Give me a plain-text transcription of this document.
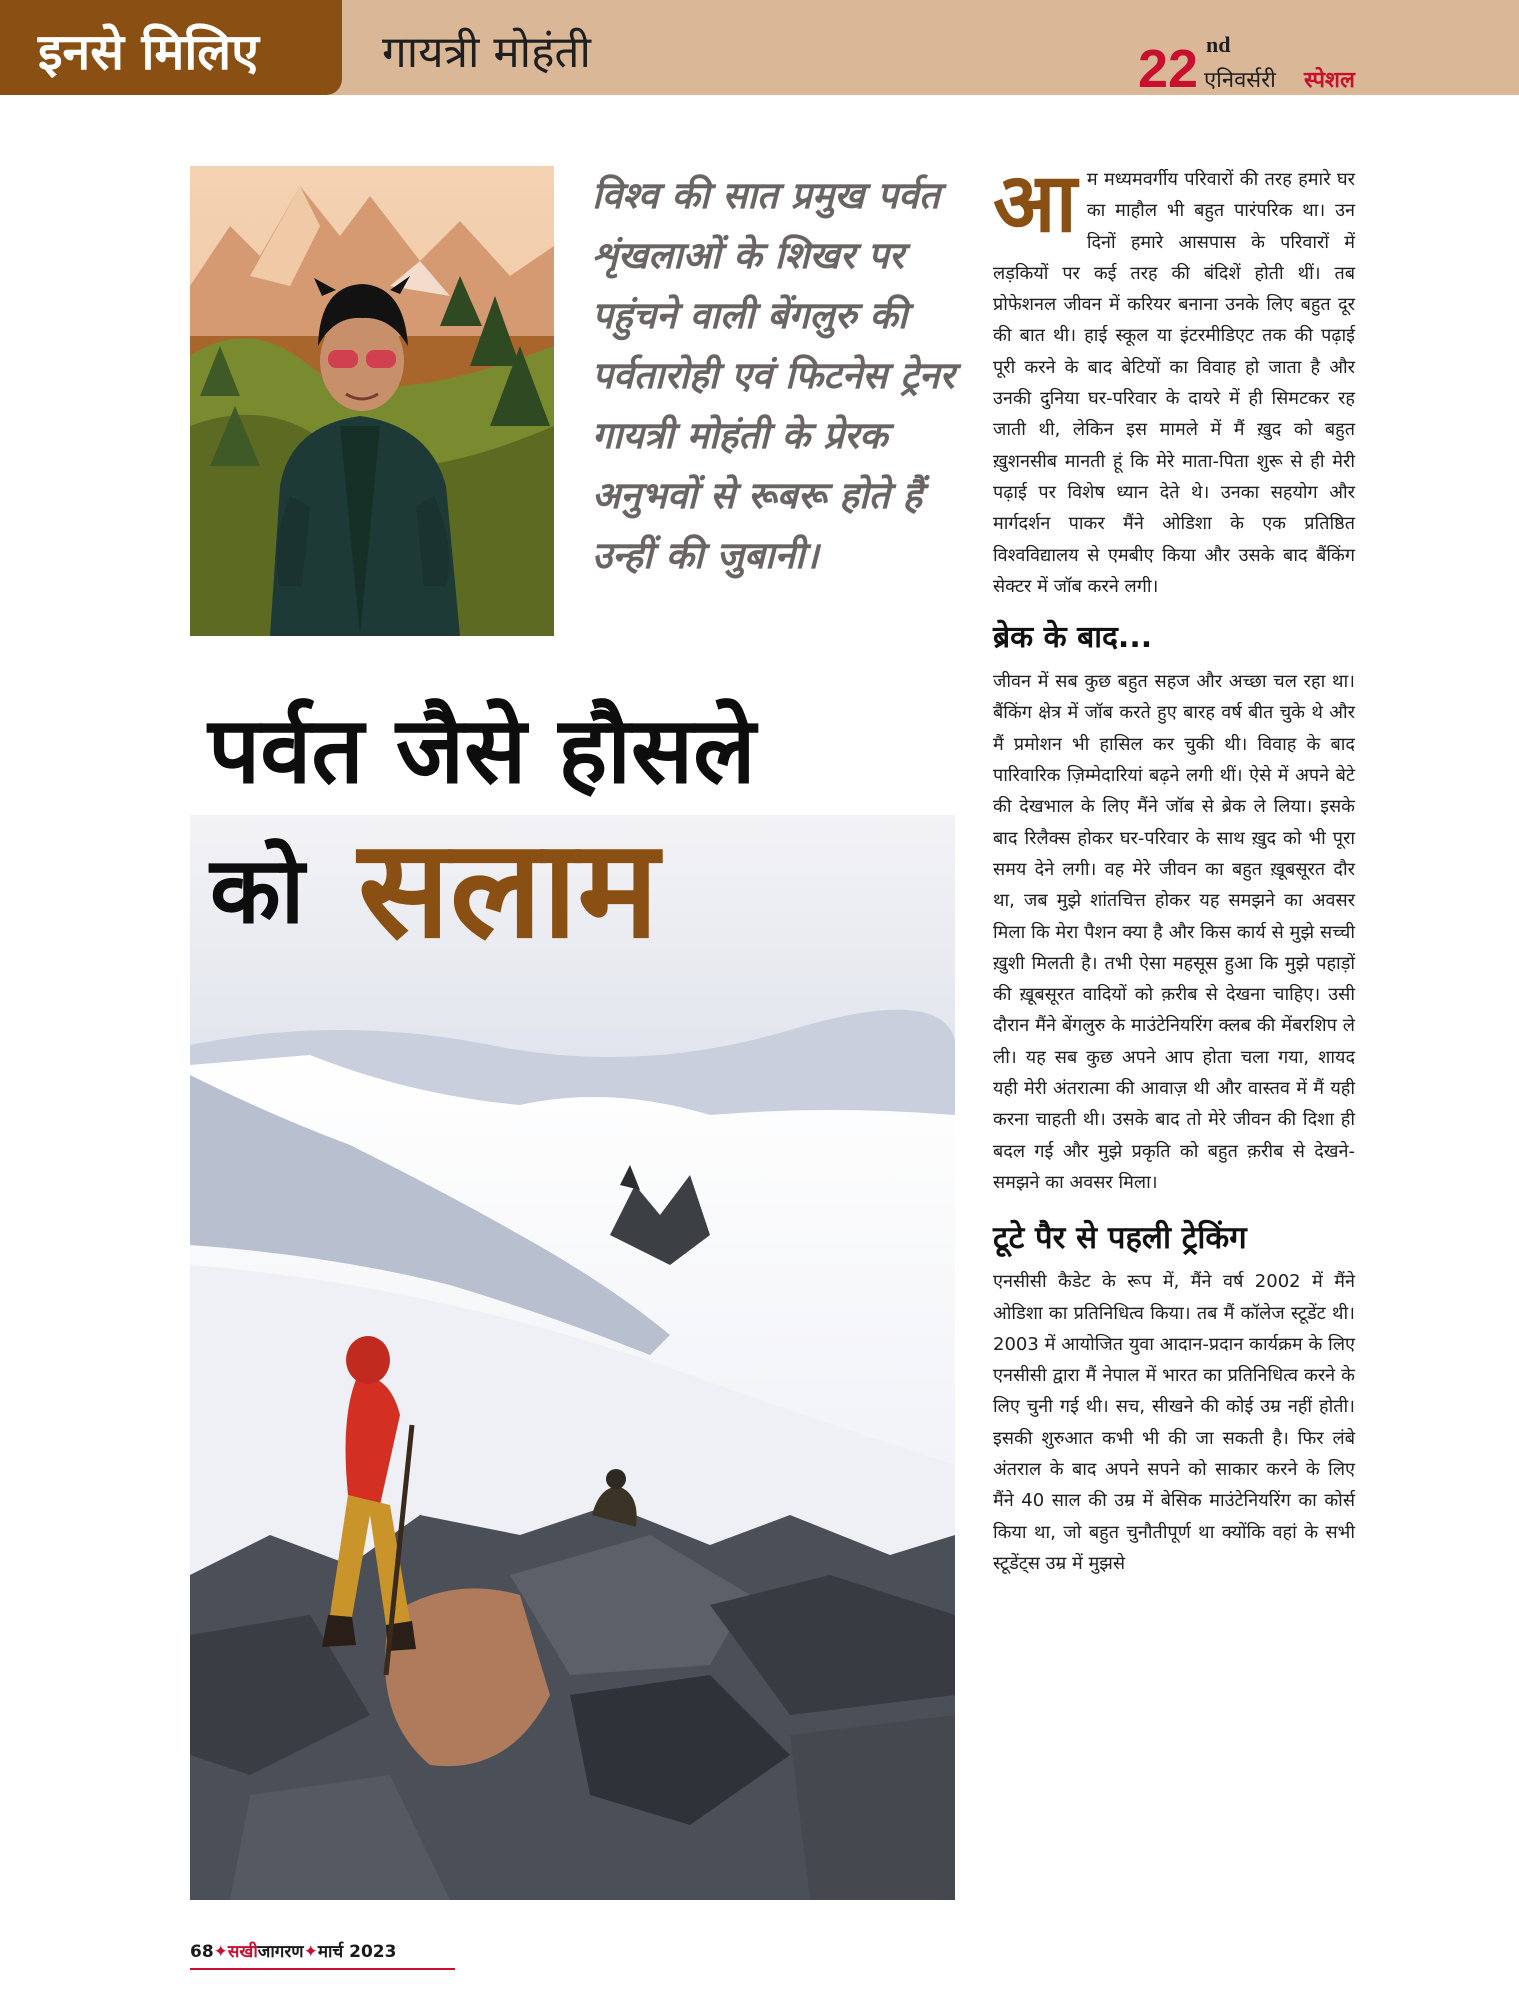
इनसे मिलिए	गायत्री मोहंती	22 nd
एनिवर्सरी स्पेशल
विश्व की सात प्रमुख पर्वत शृंखलाओं के शिखर पर पहुंचने वाली बेंगलुरु की पर्वतारोही एवं फिटनेस ट्रेनर गायत्री मोहंती के प्रेरक अनुभवों से रूबरू होते हैं उन्हीं की जुबानी।
पर्वत जैसे हौसले
को सलाम

आम मध्यमवर्गीय परिवारों की तरह हमारे घर का माहौल भी बहुत पारंपरिक था। उन दिनों हमारे आसपास के परिवारों में लड़कियों पर कई तरह की बंदिशें होती थीं। तब प्रोफेशनल जीवन में करियर बनाना उनके लिए बहुत दूर की बात थी। हाई स्कूल या इंटरमीडिएट तक की पढ़ाई पूरी करने के बाद बेटियों का विवाह हो जाता है और उनकी दुनिया घर-परिवार के दायरे में ही सिमटकर रह जाती थी, लेकिन इस मामले में मैं ख़ुद को बहुत ख़ुशनसीब मानती हूं कि मेरे माता-पिता शुरू से ही मेरी पढ़ाई पर विशेष ध्यान देते थे। उनका सहयोग और मार्गदर्शन पाकर मैंने ओडिशा के एक प्रतिष्ठित विश्वविद्यालय से एमबीए किया और उसके बाद बैंकिंग सेक्टर में जॉब करने लगी।

ब्रेक के बाद...

जीवन में सब कुछ बहुत सहज और अच्छा चल रहा था। बैंकिंग क्षेत्र में जॉब करते हुए बारह वर्ष बीत चुके थे और मैं प्रमोशन भी हासिल कर चुकी थी। विवाह के बाद पारिवारिक ज़िम्मेदारियां बढ़ने लगी थीं। ऐसे में अपने बेटे की देखभाल के लिए मैंने जॉब से ब्रेक ले लिया। इसके बाद रिलैक्स होकर घर-परिवार के साथ ख़ुद को भी पूरा समय देने लगी। वह मेरे जीवन का बहुत ख़ूबसूरत दौर था, जब मुझे शांतचित्त होकर यह समझने का अवसर मिला कि मेरा पैशन क्या है और किस कार्य से मुझे सच्ची ख़ुशी मिलती है। तभी ऐसा महसूस हुआ कि मुझे पहाड़ों की ख़ूबसूरत वादियों को क़रीब से देखना चाहिए। उसी दौरान मैंने बेंगलुरु के माउंटेनियरिंग क्लब की मेंबरशिप ले ली। यह सब कुछ अपने आप होता चला गया, शायद यही मेरी अंतरात्मा की आवाज़ थी और वास्तव में मैं यही करना चाहती थी। उसके बाद तो मेरे जीवन की दिशा ही बदल गई और मुझे प्रकृति को बहुत क़रीब से देखने-समझने का अवसर मिला।

टूटे पैर से पहली ट्रेकिंग

एनसीसी कैडेट के रूप में, मैंने वर्ष 2002 में मैंने ओडिशा का प्रतिनिधित्व किया। तब मैं कॉलेज स्टूडेंट थी। 2003 में आयोजित युवा आदान-प्रदान कार्यक्रम के लिए एनसीसी द्वारा मैं नेपाल में भारत का प्रतिनिधित्व करने के लिए चुनी गई थी। सच, सीखने की कोई उम्र नहीं होती। इसकी शुरुआत कभी भी की जा सकती है। फिर लंबे अंतराल के बाद अपने सपने को साकार करने के लिए मैंने 40 साल की उम्र में बेसिक माउंटेनियरिंग का कोर्स किया था, जो बहुत चुनौतीपूर्ण था क्योंकि वहां के सभी स्टूडेंट्स उम्र में मुझसे

68✦सखीजागरण✦मार्च 2023
